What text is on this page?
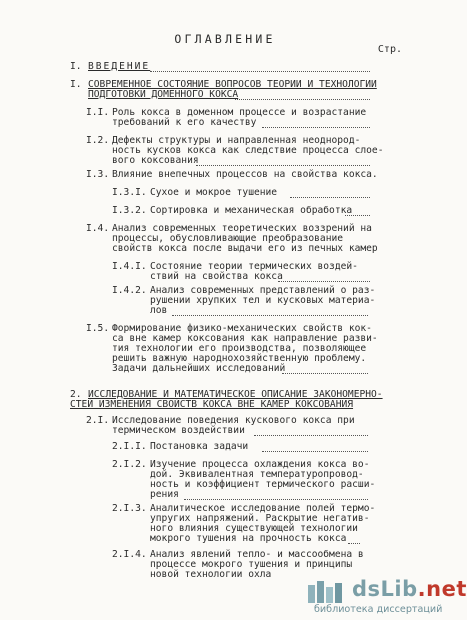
ОГЛАВЛЕНИЕ
Стр.
I. ВВЕДЕНИЕ
I. СОВРЕМЕННОЕ СОСТОЯНИЕ ВОПРОСОВ ТЕОРИИ И ТЕХНОЛОГИИ
ПОДГОТОВКИ ДОМЕННОГО КОКСА
I.I. Роль кокса в доменном процессе и возрастание
требований к его качеству
I.2. Дефекты структуры и направленная неоднород-
ность кусков кокса как следствие процесса слое-
вого коксования
I.3. Влияние внепечных процессов на свойства кокса.
I.3.I. Сухое и мокрое тушение
I.3.2. Сортировка и механическая обработка
I.4. Анализ современных теоретических воззрений на
процессы, обусловливающие преобразование
свойств кокса после выдачи его из печных камер
I.4.I. Состояние теории термических воздей-
ствий на свойства кокса
I.4.2. Анализ современных представлений о раз-
рушении хрупких тел и кусковых материа-
лов
I.5. Формирование физико-механических свойств кок-
са вне камер коксования как направление разви-
тия технологии его производства, позволяющее
решить важную народнохозяйственную проблему.
Задачи дальнейших исследований
2. ИССЛЕДОВАНИЕ И МАТЕМАТИЧЕСКОЕ ОПИСАНИЕ ЗАКОНОМЕРНО-
СТЕЙ ИЗМЕНЕНИЯ СВОЙСТВ КОКСА ВНЕ КАМЕР КОКСОВАНИЯ
2.I. Исследование поведения кускового кокса при
термическом воздействии
2.I.I. Постановка задачи
2.I.2. Изучение процесса охлаждения кокса во-
дой. Эквивалентная температуропровод-
ность и коэффициент термического расши-
рения
2.I.3. Аналитическое исследование полей термо-
упругих напряжений. Раскрытие негатив-
ного влияния существующей технологии
мокрого тушения на прочность кокса
2.I.4. Анализ явлений тепло- и массообмена в
процессе мокрого тушения и принципы
новой технологии охла
dsLib.net
библиотека диссертаций
